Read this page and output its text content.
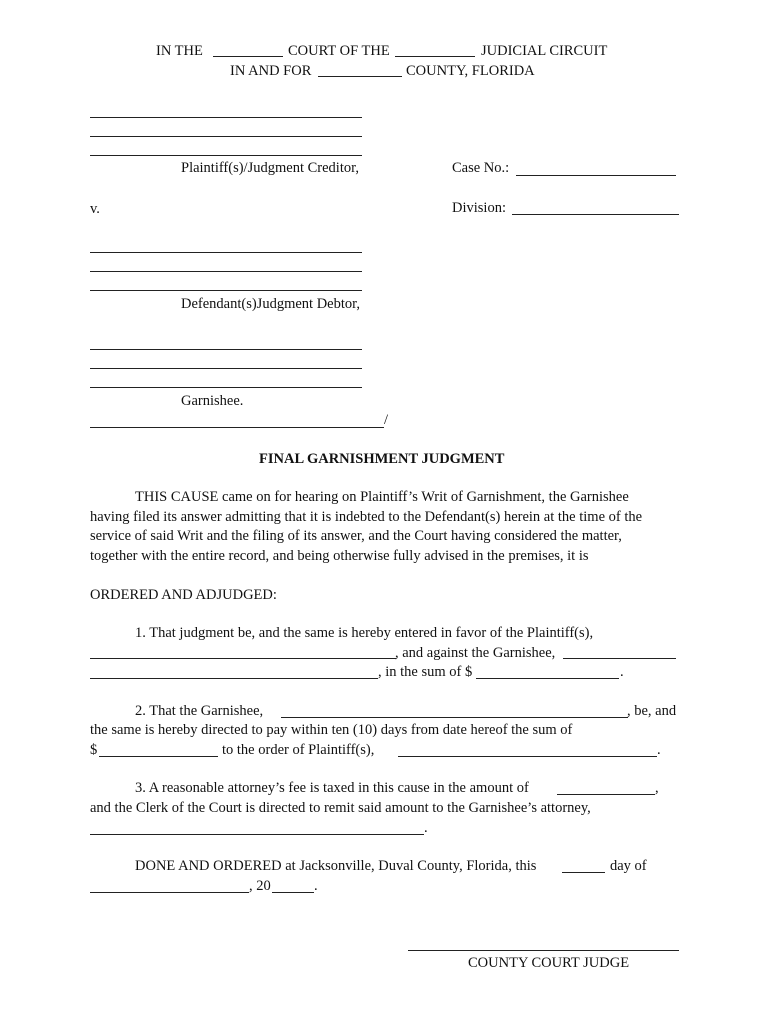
IN THE	COURT OF THE	JUDICIAL CIRCUIT
IN AND FOR	COUNTY, FLORIDA
Plaintiff(s)/Judgment Creditor,	Case No.:
v.	Division:
Defendant(s)Judgment Debtor,
Garnishee.
/
FINAL GARNISHMENT JUDGMENT
THIS CAUSE came on for hearing on Plaintiff’s Writ of Garnishment, the Garnishee
having filed its answer admitting that it is indebted to the Defendant(s) herein at the time of the
service of said Writ and the filing of its answer, and the Court having considered the matter,
together with the entire record, and being otherwise fully advised in the premises, it is
ORDERED AND ADJUDGED:
1. That judgment be, and the same is hereby entered in favor of the Plaintiff(s),
, and against the Garnishee,
, in the sum of $	.
2. That the Garnishee,	, be, and
the same is hereby directed to pay within ten (10) days from date hereof the sum of
$	to the order of Plaintiff(s),	.
3. A reasonable attorney’s fee is taxed in this cause in the amount of	,
and the Clerk of the Court is directed to remit said amount to the Garnishee’s attorney,
.
DONE AND ORDERED at Jacksonville, Duval County, Florida, this	day of
, 20	.
COUNTY COURT JUDGE
